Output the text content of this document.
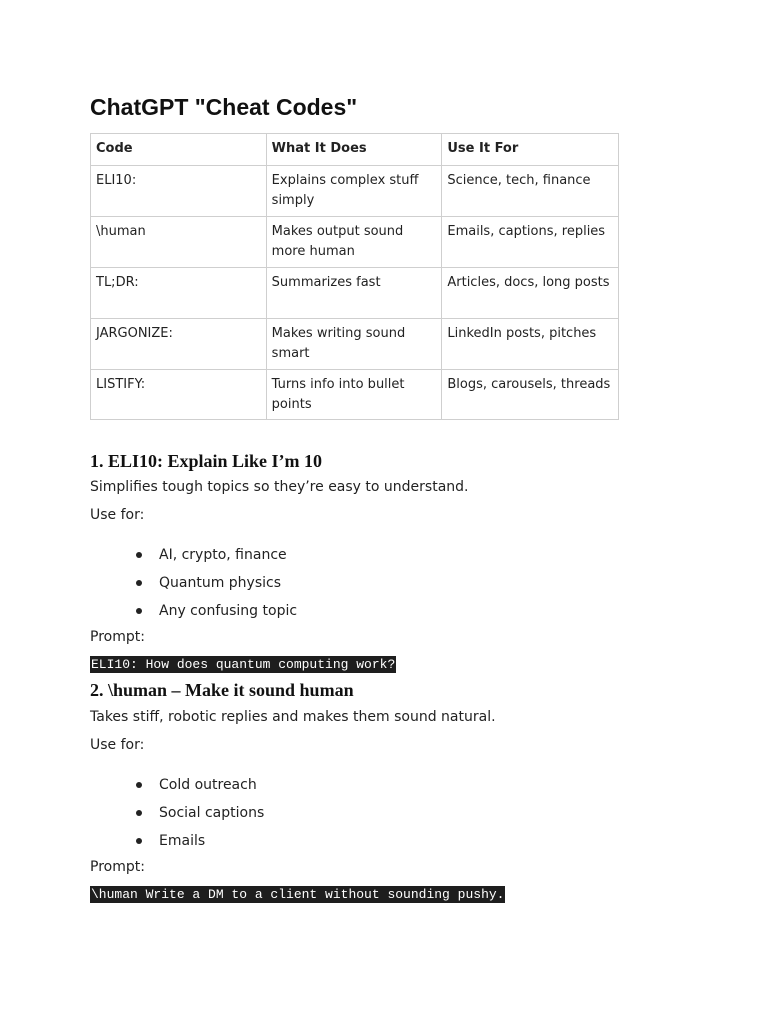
ChatGPT "Cheat Codes"
Code	What It Does	Use It For
ELI10:	Explains complex stuff simply	Science, tech, finance
\human	Makes output sound more human	Emails, captions, replies
TL;DR:	Summarizes fast	Articles, docs, long posts
JARGONIZE:	Makes writing sound smart	LinkedIn posts, pitches
LISTIFY:	Turns info into bullet points	Blogs, carousels, threads
1. ELI10: Explain Like I’m 10

Simplifies tough topics so they’re easy to understand.

Use for:

AI, crypto, finance
Quantum physics
Any confusing topic

Prompt:

ELI10: How does quantum computing work?
2. \human – Make it sound human

Takes stiff, robotic replies and makes them sound natural.

Use for:

Cold outreach
Social captions
Emails

Prompt:

\human Write a DM to a client without sounding pushy.
